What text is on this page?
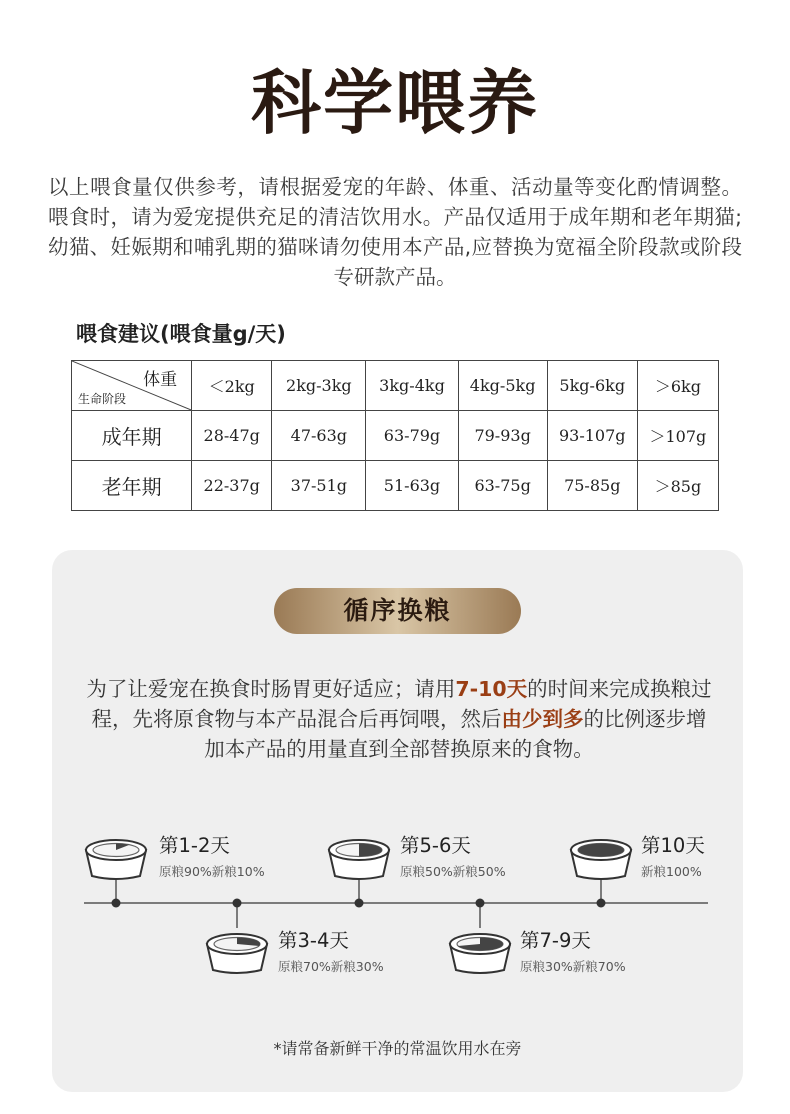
科学喂养
以上喂食量仅供参考，请根据爱宠的年龄、体重、活动量等变化酌情调整。喂食时，请为爱宠提供充足的清洁饮用水。产品仅适用于成年期和老年期猫;幼猫、妊娠期和哺乳期的猫咪请勿使用本产品,应替换为宽福全阶段款或阶段专研款产品。
喂食建议(喂食量g/天)
体重
生命阶段	＜2kg	2kg-3kg	3kg-4kg	4kg-5kg	5kg-6kg	＞6kg
成年期	28-47g	47-63g	63-79g	79-93g	93-107g	＞107g
老年期	22-37g	37-51g	51-63g	63-75g	75-85g	＞85g
循序换粮
为了让爱宠在换食时肠胃更好适应；请用7-10天的时间来完成换粮过程，先将原食物与本产品混合后再饲喂，然后由少到多的比例逐步增加本产品的用量直到全部替换原来的食物。
第1-2天
原粮90%新粮10%
第3-4天
原粮70%新粮30%
第5-6天
原粮50%新粮50%
第7-9天
原粮30%新粮70%
第10天
新粮100%
*请常备新鲜干净的常温饮用水在旁
